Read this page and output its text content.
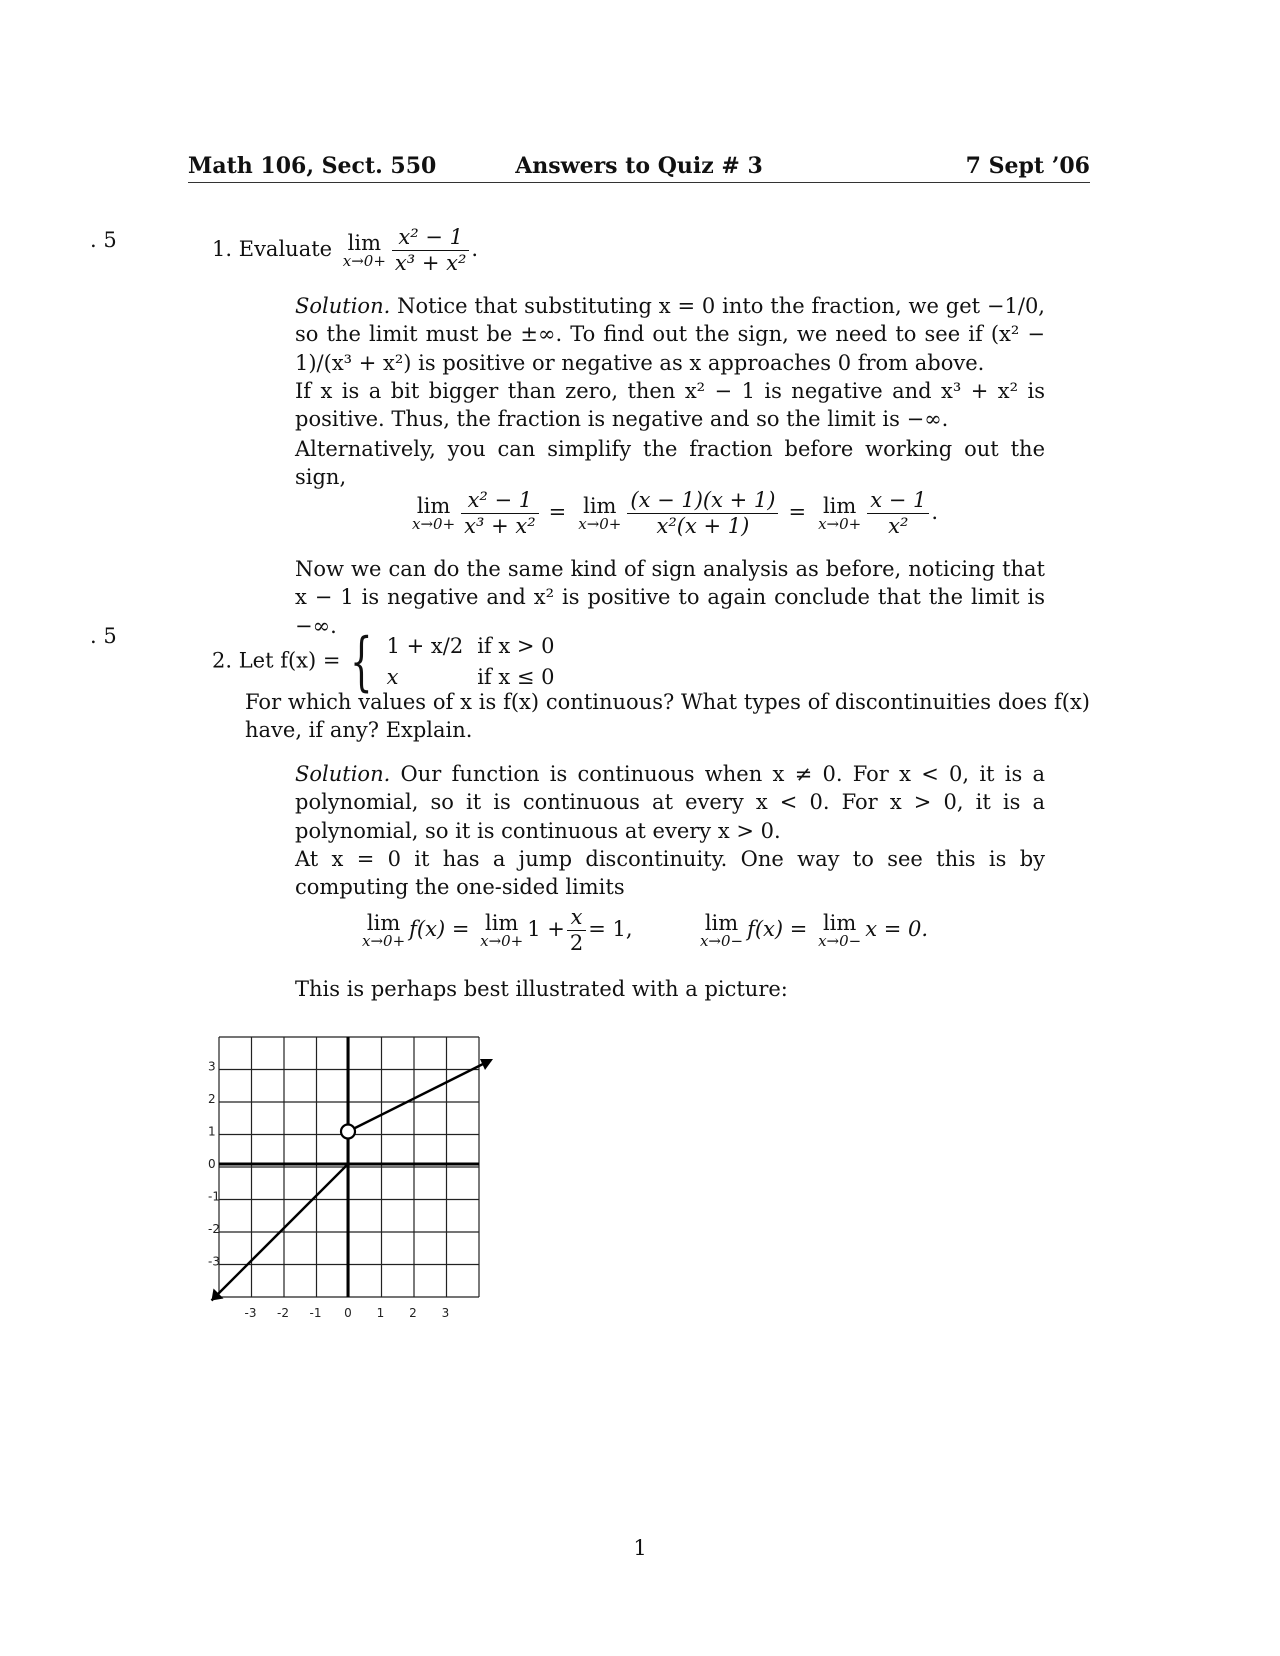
Math 106, Sect. 550	Answers to Quiz # 3	7 Sept ’06
. 5
. 5
1. Evaluate lim
$x\to 0+ \frac{\text{x² − 1}}{\text{x³ + x²}}$ .
Solution. Notice that substituting x = 0 into the fraction, we get −1/0, so the limit must be ±∞. To find out the sign, we need to see if (x² − 1)/(x³ + x²) is positive or negative as x approaches 0 from above.
If x is a bit bigger than zero, then x² − 1 is negative and x³ + x² is positive. Thus, the fraction is negative and so the limit is −∞.
Alternatively, you can simplify the fraction before working out the sign,
lim
$x\to 0+ \frac{\text{x² − 1}}{\text{x³ + x²}} = \lim$
$x\to 0+ \frac{(x - 1)(x + 1)}{\text{x²(x + 1)}} = \lim$
$x\to 0+ \frac{x - 1}{\text{x²}}$ .
Now we can do the same kind of sign analysis as before, noticing that x − 1 is negative and x² is positive to again conclude that the limit is −∞.
2. Let f(x) = { 1 + x/2	if x > 0
x	if x ≤ 0
For which values of x is f(x) continuous? What types of discontinuities does f(x) have, if any? Explain.
Solution. Our function is continuous when x ≠ 0. For x < 0, it is a polynomial, so it is continuous at every x < 0. For x > 0, it is a polynomial, so it is continuous at every x > 0.
At x = 0 it has a jump discontinuity. One way to see this is by computing the one-sided limits
lim
x→0+ f(x) = lim
$x\to 0+ 1 + \frac{x}{2} = 1$,	lim
x→0− f(x) = lim
x→0− x = 0.
This is perhaps best illustrated with a picture:
3
2
1
0
-1
-2
-3
-3 -2 -1 0 1 2 3
1
